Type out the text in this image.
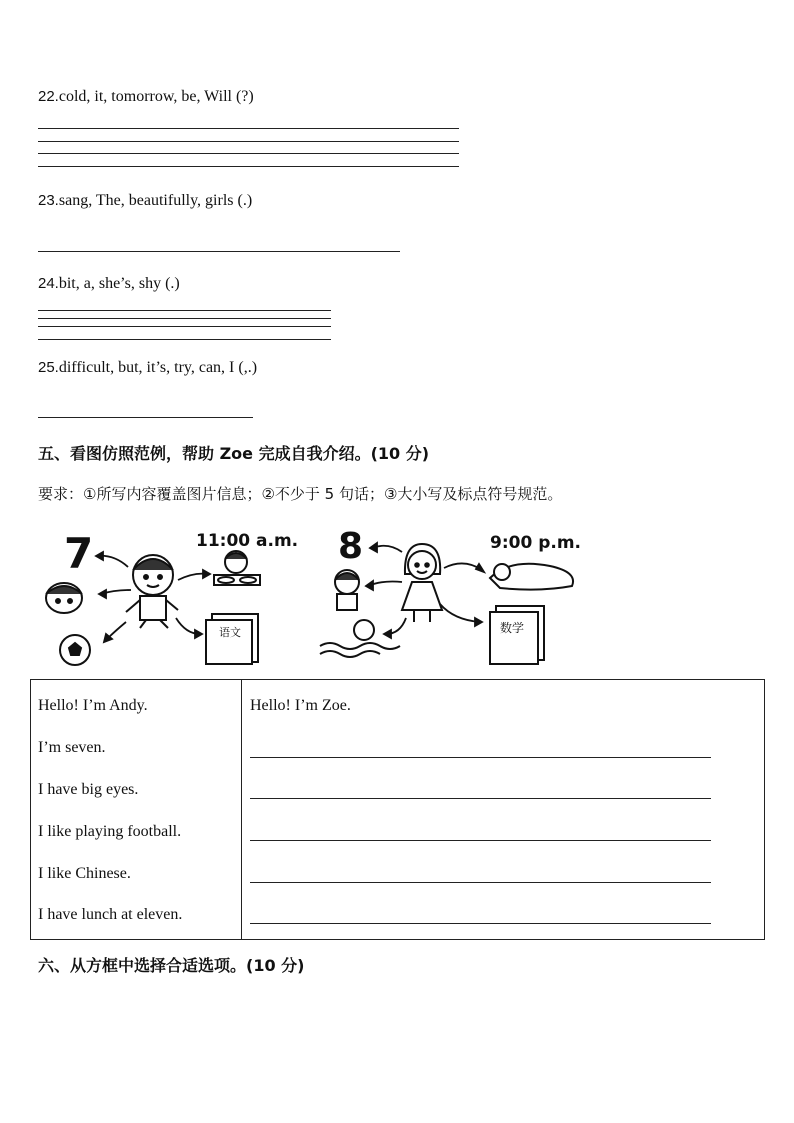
22.cold, it, tomorrow, be, Will (?)
23.sang, The, beautifully, girls (.)
24.bit, a, she’s, shy (.)
25.difficult, but, it’s, try, can, I (,.)
五、看图仿照范例，帮助 Zoe 完成自我介绍。(10 分)
要求：①所写内容覆盖图片信息；②不少于 5 句话；③大小写及标点符号规范。
7	11:00 a.m.
语文
8	9:00 p.m.
数学

Hello! I’m Andy.
I’m seven.
I have big eyes.
I like playing football.
I like Chinese.
I have lunch at eleven.
Hello! I’m Zoe.
六、从方框中选择合适选项。(10 分)
